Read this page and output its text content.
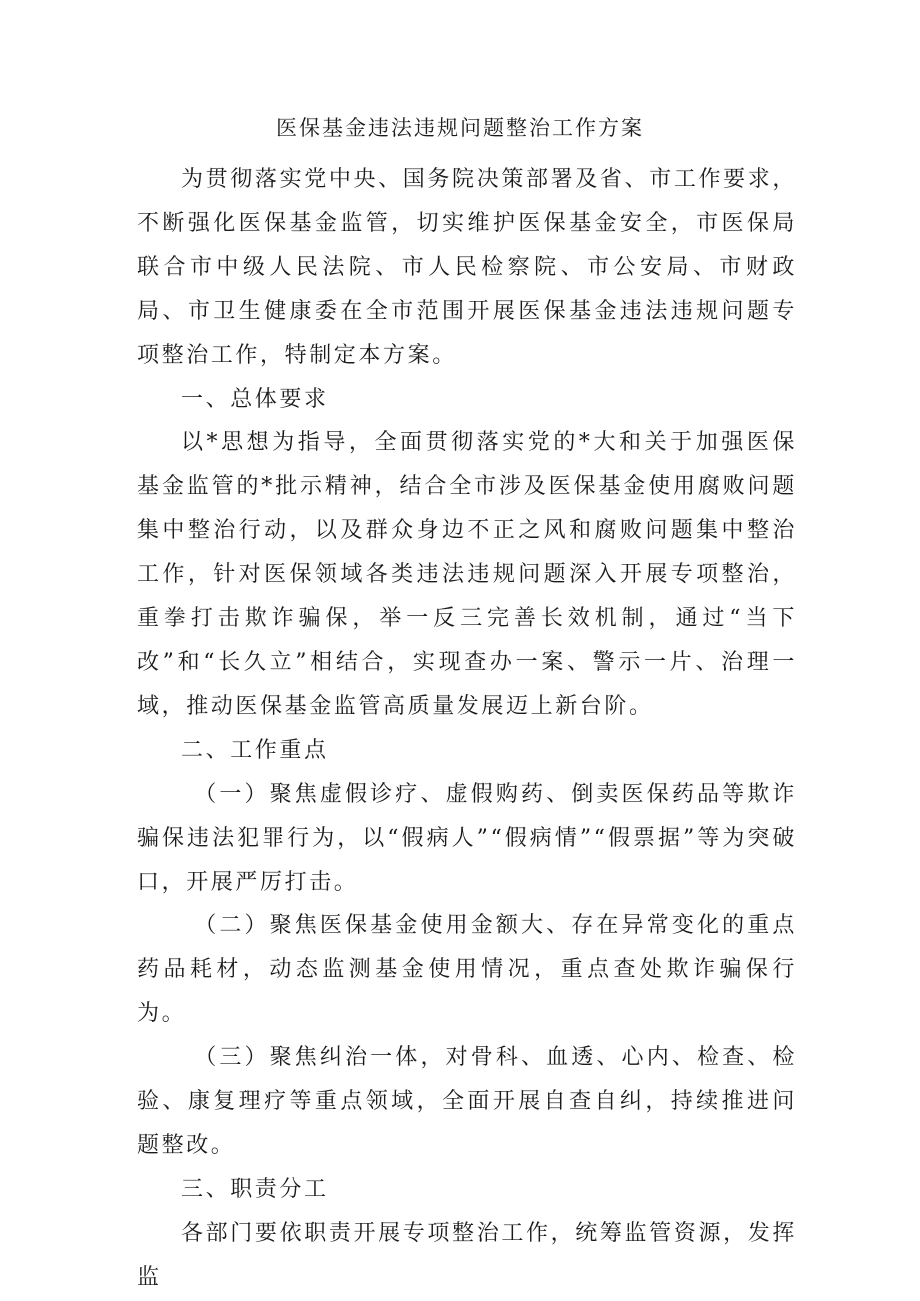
医保基金违法违规问题整治工作方案

为贯彻落实党中央、国务院决策部署及省、市工作要求，不断强化医保基金监管，切实维护医保基金安全，市医保局联合市中级人民法院、市人民检察院、市公安局、市财政局、市卫生健康委在全市范围开展医保基金违法违规问题专项整治工作，特制定本方案。

一、总体要求

以*思想为指导，全面贯彻落实党的*大和关于加强医保基金监管的*批示精神，结合全市涉及医保基金使用腐败问题集中整治行动，以及群众身边不正之风和腐败问题集中整治工作，针对医保领域各类违法违规问题深入开展专项整治，重拳打击欺诈骗保，举一反三完善长效机制，通过“当下改”和“长久立”相结合，实现查办一案、警示一片、治理一域，推动医保基金监管高质量发展迈上新台阶。

二、工作重点

（一）聚焦虚假诊疗、虚假购药、倒卖医保药品等欺诈骗保违法犯罪行为，以“假病人”“假病情”“假票据”等为突破口，开展严厉打击。

（二）聚焦医保基金使用金额大、存在异常变化的重点药品耗材，动态监测基金使用情况，重点查处欺诈骗保行为。

（三）聚焦纠治一体，对骨科、血透、心内、检查、检验、康复理疗等重点领域，全面开展自查自纠，持续推进问题整改。

三、职责分工

各部门要依职责开展专项整治工作，统筹监管资源，发挥监
